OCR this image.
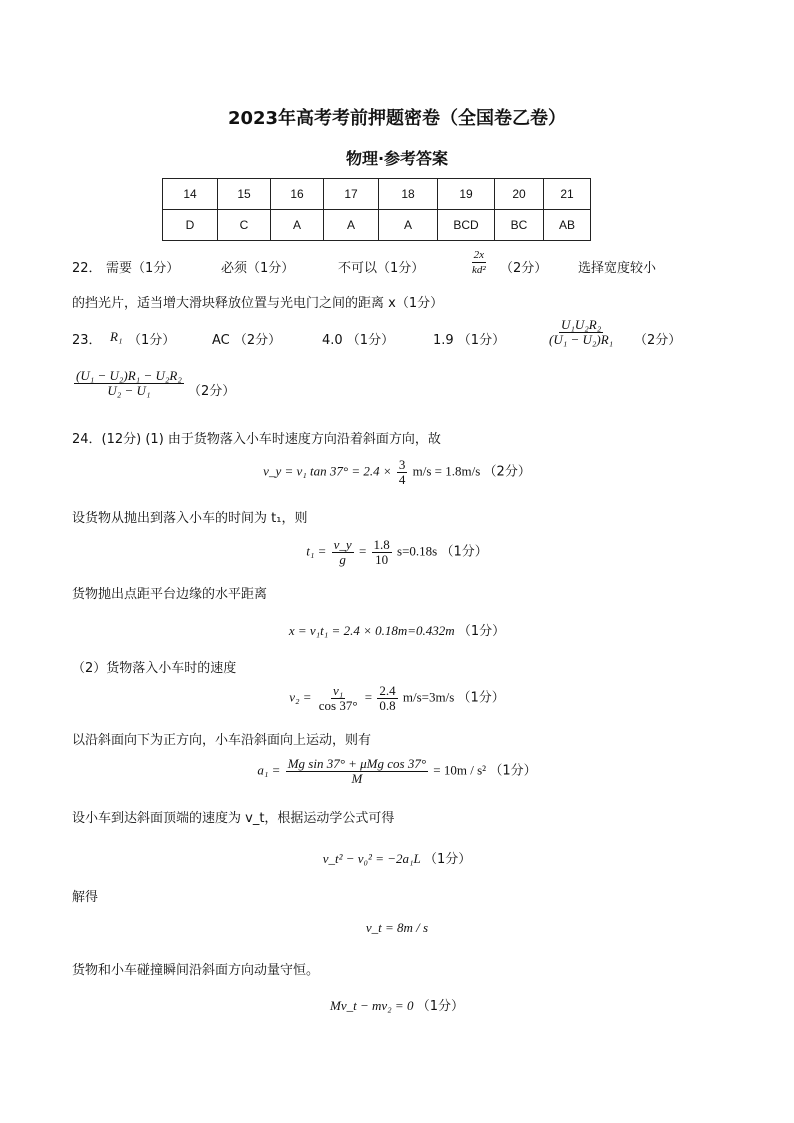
2023年高考考前押题密卷（全国卷乙卷）
物理·参考答案
14	15	16	17	18	19	20	21
D	C	A	A	A	BCD	BC	AB
22． 需要（1分）	必须（1分）	不可以（1分）	$\frac{2x}{\text{kd²}} (2$分） 选择宽度较小
的挡光片，适当增大滑块释放位置与光电门之间的距离 x（1分）
23． R₁ （1分）	AC （2分）	4.0 （1分）	1.9 （1分）	$\frac{\text{U₁U₂R₂}}{\text{(U₁ − U₂)R₁}} (2$分）
$\frac{\text{(U₁ − U₂)R₁ − U₂R₂}}{\text{U₂ − U₁}} (2$分）
24．(12分) (1) 由于货物落入小车时速度方向沿着斜面方向，故
v_y = v₁ $\tan 37^\circ = 2.4 \times \frac{3}{4} m/s = 1.8m/s$ （2分）
设货物从抛出到落入小车的时间为 t₁，则
$t_1 = \frac{v\_y}{g} = \frac{1.8}{10} s=0.18s$ （1分）
货物抛出点距平台边缘的水平距离
x = v₁t₁ = 2.4 × 0.18m=0.432m （1分）
（2）货物落入小车时的速度
$v_2 = \frac{\text{v₁}}{\cos 37^\circ} = \frac{2.4}{0.8} m/s=3m/s$ （1分）
以沿斜面向下为正方向，小车沿斜面向上运动，则有
$a_1 = \frac{\text{Mg sin 37° + μMg cos 37°}}{M} = 10m / s^2$ （1分）
设小车到达斜面顶端的速度为 v_t，根据运动学公式可得
v_t² − v₀² = −2a₁L （1分）
解得
v_t = 8m / s
货物和小车碰撞瞬间沿斜面方向动量守恒。
Mv_t − mv₂ = 0 （1分）
